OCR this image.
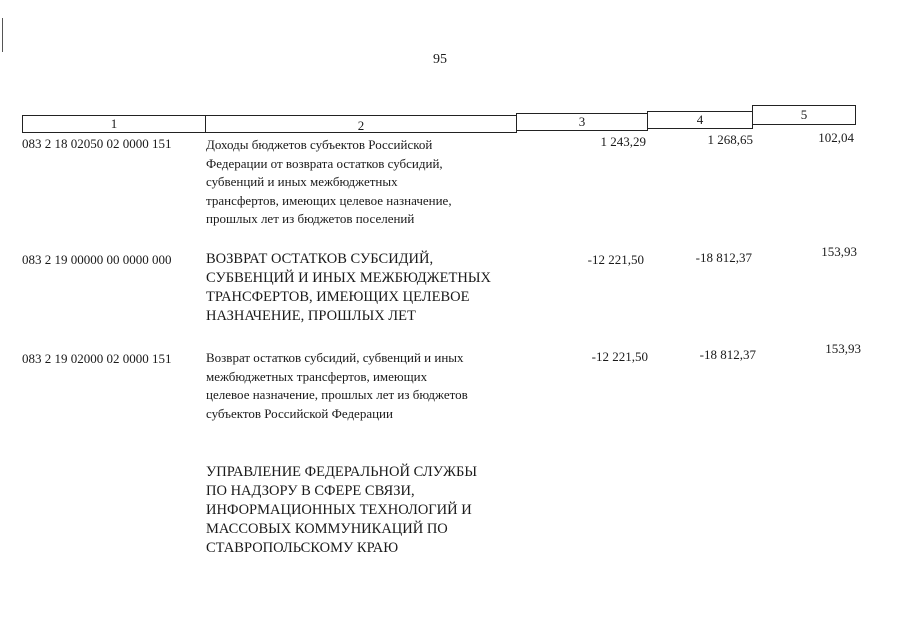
95
1	2	3	4	5
083 2 18 02050 02 0000 151	Доходы бюджетов субъектов Российской
Федерации от возврата остатков субсидий,
субвенций и иных межбюджетных
трансфертов, имеющих целевое назначение,
прошлых лет из бюджетов поселений
1 243,29	1 268,65	102,04
083 2 19 00000 00 0000 000 ВОЗВРАТ ОСТАТКОВ СУБСИДИЙ,
СУБВЕНЦИЙ И ИНЫХ МЕЖБЮДЖЕТНЫХ
ТРАНСФЕРТОВ, ИМЕЮЩИХ ЦЕЛЕВОЕ
НАЗНАЧЕНИЕ, ПРОШЛЫХ ЛЕТ
-12 221,50	-18 812,37	153,93
083 2 19 02000 02 0000 151	Возврат остатков субсидий, субвенций и иных
межбюджетных трансфертов, имеющих
целевое назначение, прошлых лет из бюджетов
субъектов Российской Федерации
-12 221,50	-18 812,37	153,93
УПРАВЛЕНИЕ ФЕДЕРАЛЬНОЙ СЛУЖБЫ
ПО НАДЗОРУ В СФЕРЕ СВЯЗИ,
ИНФОРМАЦИОННЫХ ТЕХНОЛОГИЙ И
МАССОВЫХ КОММУНИКАЦИЙ ПО
СТАВРОПОЛЬСКОМУ КРАЮ
